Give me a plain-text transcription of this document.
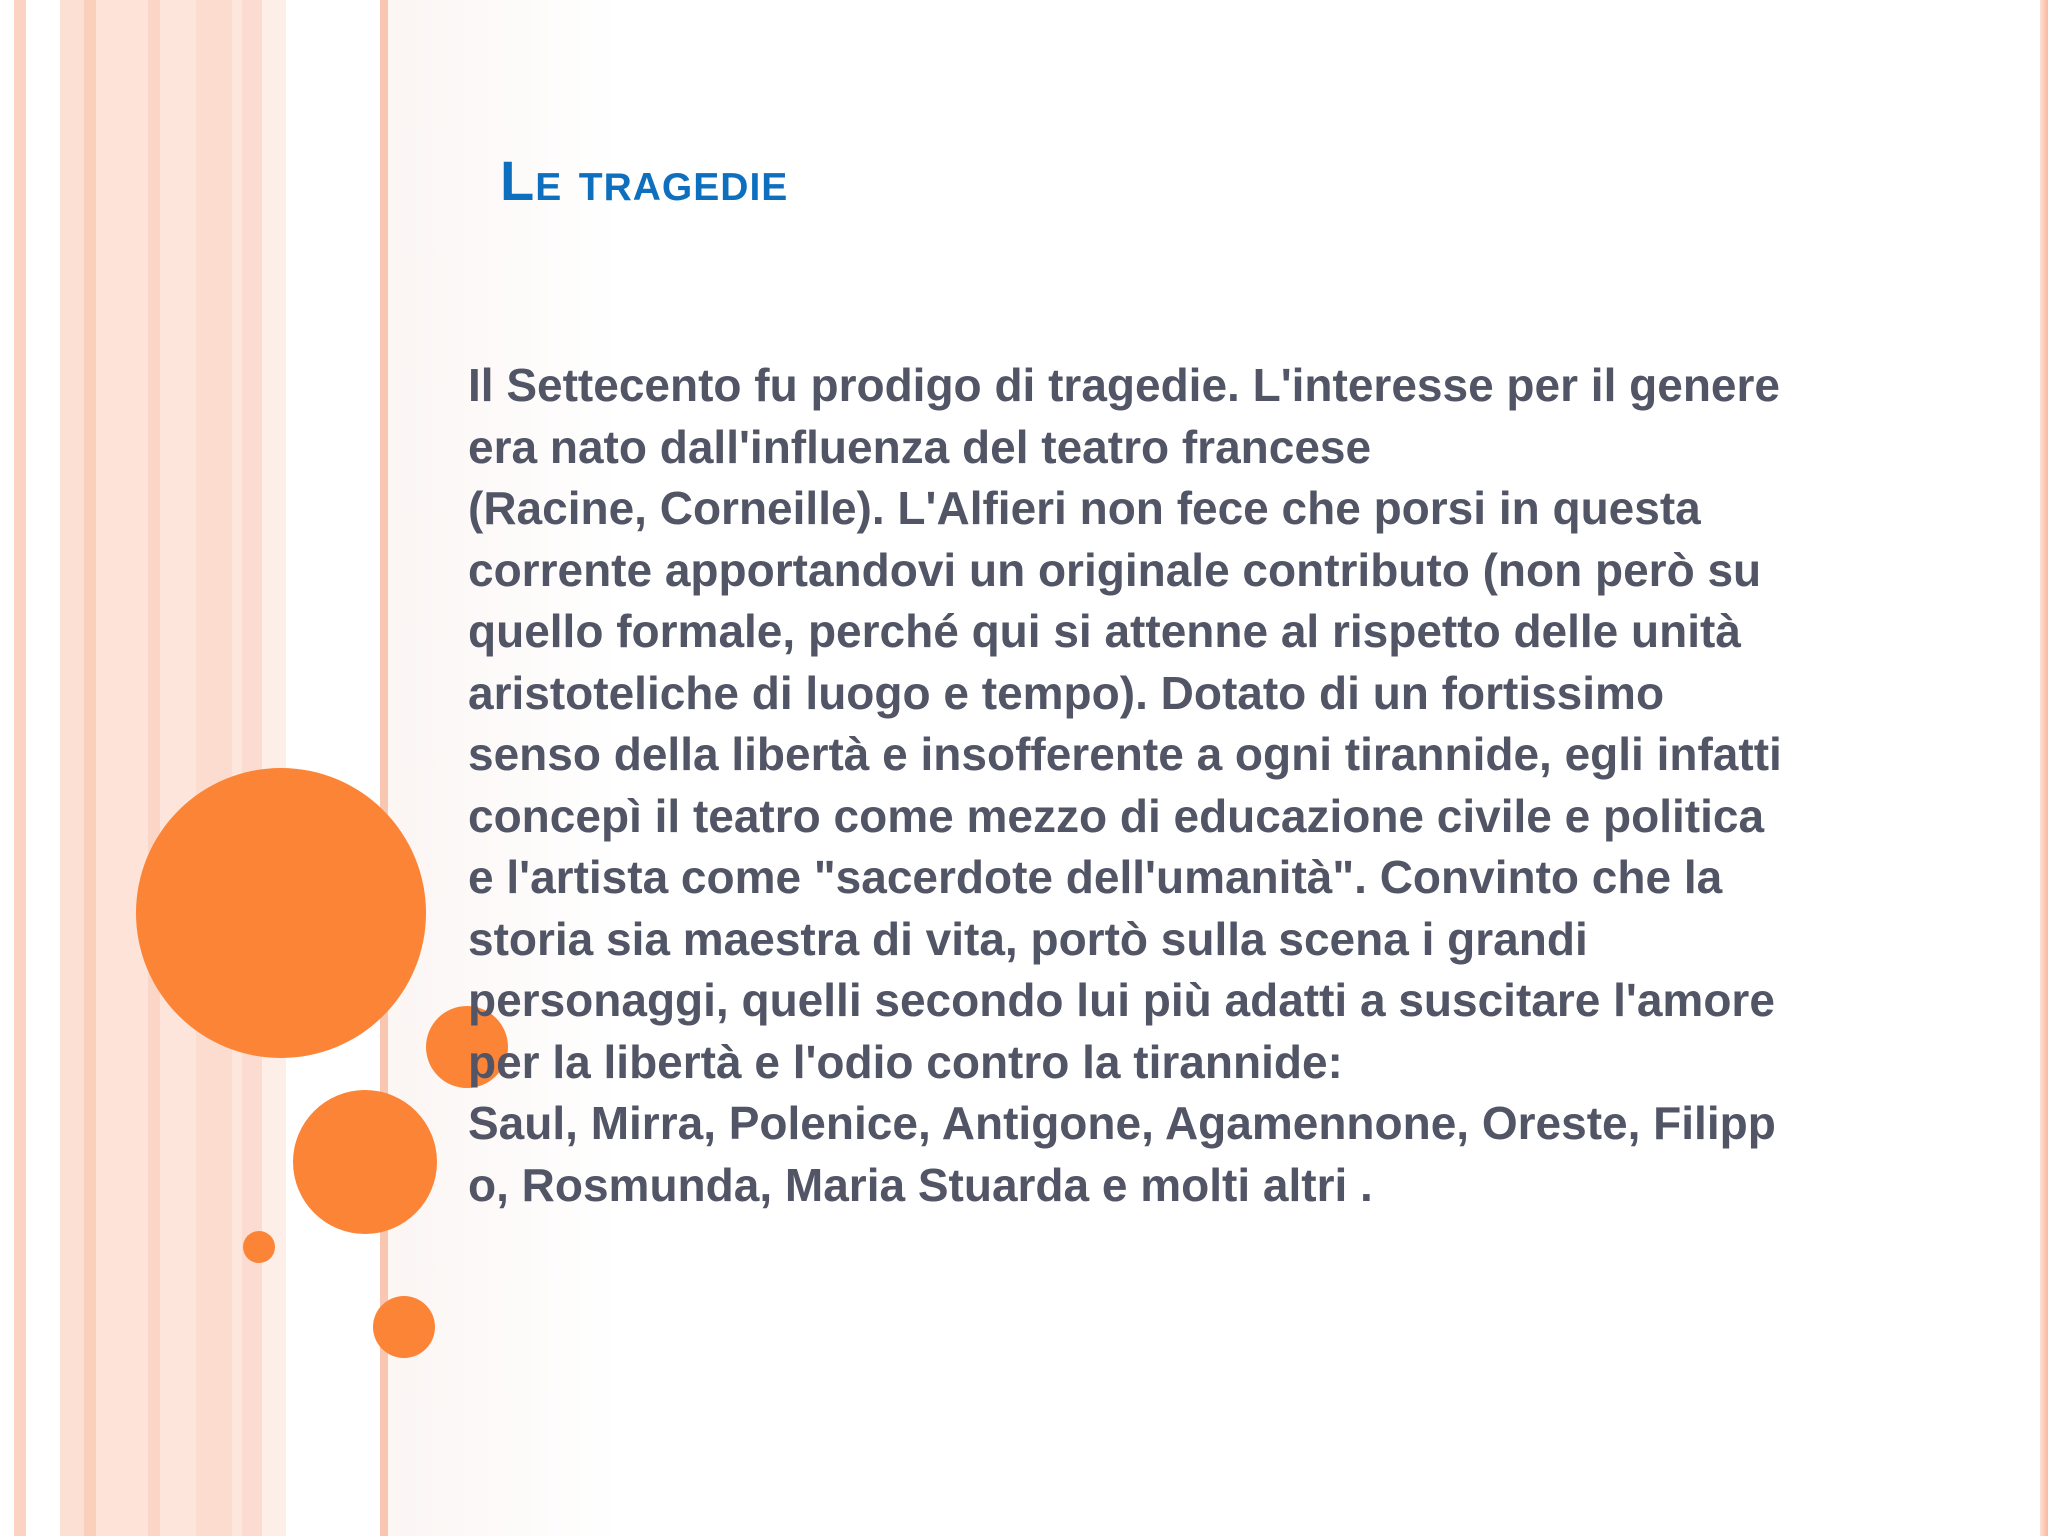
Le tragedie

Il Settecento fu prodigo di tragedie. L'interesse per il genere
era nato dall'influenza del teatro francese
(Racine, Corneille). L'Alfieri non fece che porsi in questa
corrente apportandovi un originale contributo (non però su
quello formale, perché qui si attenne al rispetto delle unità
aristoteliche di luogo e tempo). Dotato di un fortissimo
senso della libertà e insofferente a ogni tirannide, egli infatti
concepì il teatro come mezzo di educazione civile e politica
e l'artista come "sacerdote dell'umanità". Convinto che la
storia sia maestra di vita, portò sulla scena i grandi
personaggi, quelli secondo lui più adatti a suscitare l'amore
per la libertà e l'odio contro la tirannide:
Saul, Mirra, Polenice, Antigone, Agamennone, Oreste, Filipp
o, Rosmunda, Maria Stuarda e molti altri .
